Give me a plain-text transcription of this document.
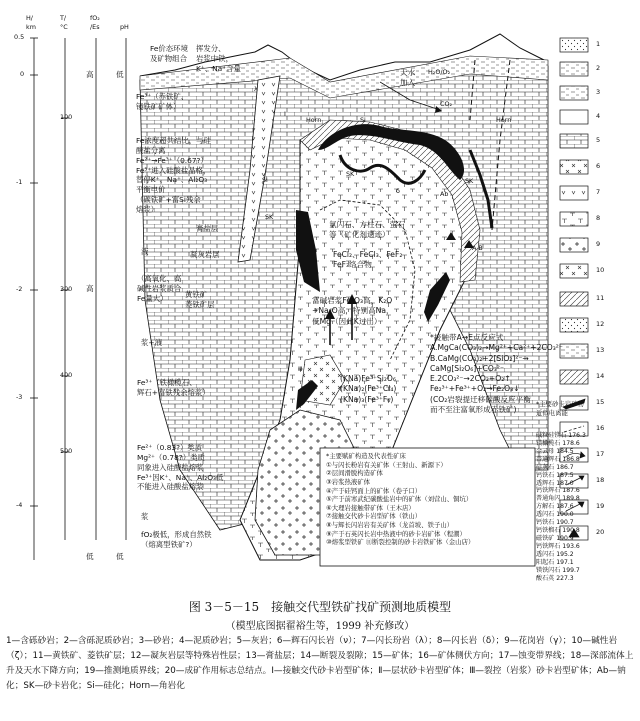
H/
km
T/
°C
fO₂
/Es	pH
0.5
0
-1
-2
-3
-4
100
300
400
500
高
高
低
低
低
Fe价态环境
及矿物组合
挥发分、
岩浆中铁，
K⁺、Na⁺含量
Fe³⁺（赤铁矿、
镜铁矿矿体）
Fe浓度超共结比，与硅
酸盐分离
Fe²⁺→Fe³⁺（0.67?）
Fe³⁺进入硅酸盐晶格，
替停K⁺、Na⁺、Al₂O₃
平衡电价
（碳铁矿+富Si残余
熔浆）
液
膏盐层
凝灰岩层
（高氧化、高
碱性岩浆质合
Fe量大）	黄铁矿
菱铁矿层
浆+液
Fe³⁺（铁橄榄石、
辉石+富铁残余熔浆）
Fe²⁺（0.83?）类质
Mg²⁺（0.78?）类质
同象进入硅酸盐熔浆
Fe³⁺因K⁺、Na⁺、Al₂O₃低
不能进入硅酸盐熔浆
浆
fO₂极低，形成自然铁
（熔离型铁矿?）
天水
加入
H₂O/O₂
CO₂
Horn	Horn
Si
Si
SK
SK
Ab
SK
δ
氯闪石、方柱石、萤石
等（矿化剂遗迹）
FeCl₂、FeCl₃、FeF₂
FeF₃络合物
富碱岩浆Fe₂O₃高，K₂O
+Na₂O高，特别高Na，
低Mg（因此K过出）
(KNa)Fe³⁺Si₂O₆
(KNa)₂(Fe³⁺Cl₄)
(KNa)₃(Fe³⁺F₆)
Ⅲ
λ
Ⅰ
A B
*接触带A→E点反应式
A.MgCa(CO₃)₂→Mg²⁺+Ca²⁺+2CO₃²⁻
B.CaMg(CO₃)₂+2[SiO₂]²⁻→
CaMg[Si₂O₆]+CO₃²⁻
E.2CO₃²⁻→2CO₂+O₂↑
Fe₂³⁺+Fe³⁺+O₂→Fe₂O₃↓
(CO₂岩裂提迁移碳酸反应平衡
而不至注富氧形成赤铁矿)
*主要赋矿构造及代表性矿床
①与闪长粉岩有关矿体（王射山、新源下）
②层间滑脱构造矿体
③岩浆热液矿体
④产于硅钙面上的矿体（卷子口）
⑤产于前寒武纪碳酸盐岩中的矿体（刘营山、铜坑）
⑥大理岩接触带矿体（王木店）
⑦接触交代砂卡岩型矿体（铁山）
⑧与辉长闪岩岩有关矿体（龙首坡、铁子山）
⑨产于石英闪长岩中热液中的砂卡岩矿体（程潮）
⑩熔浆型铁矿 ⑪断裂控制的砂卡岩铁矿体（金山店）
*主要砂卡岩矿物
近似电离能
碱粒硅镁石 176.3
镁橄榄石 178.6
金云母 184.5
普通辉石 186.8
硅灰石 186.7
钙铁石 187.5
透辉石 187.0
钙铁辉石 187.6
普通角闪 189.8
方解石 187.6
透闪石 190.0
钙铁石 190.7
钙铁榴石 190.8
磁铁矿 190.9
钙铁辉石 193.6
透闪石 195.2
阳起石 197.1
镁铁闪石 199.7
酸石英 227.3
1
2
3
4
5
6
7
8
9
10
11
12
13
14
15
16
17
18
19
20
图 3－5－15　接触交代型铁矿找矿预测地质模型
（模型底图据翟裕生等，1999 补充修改）
1—含砾砂岩；2—含砾泥质砂岩；3—砂岩；4—泥质砂岩；5—灰岩；6—辉石闪长岩（ν）；7—闪长玢岩（λ）；8—闪长岩（δ）；9—花岗岩（γ）；10—碱性岩（ζ）；11—黄铁矿、菱铁矿层；12—凝灰岩层等特殊岩性层；13—膏盐层；14—断裂及裂隙；15—矿体；16—矿体侧伏方向；17—蚀变带界线；18—深部流体上升及天水下降方向；19—推测地质界线；20—成矿作用标志总结点。Ⅰ—接触交代砂卡岩型矿体；Ⅱ—层状砂卡岩型矿体；Ⅲ—裂控（岩浆）砂卡岩型矿体；Ab—钠化；SK—砂卡岩化；Si—硅化；Horn—角岩化
